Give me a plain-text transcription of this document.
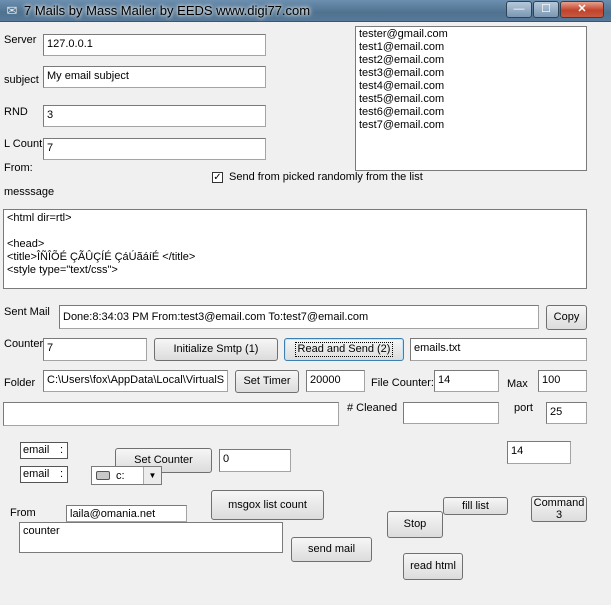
✉ 7 Mails by Mass Mailer by EEDS www.digi77.com	—	☐	✕
Server 127.0.0.1
subject My email subject
RND	3
L Count 7
From:
messsage
tester@gmail.com
test1@email.com
test2@email.com
test3@email.com
test4@email.com
test5@email.com
test6@email.com
test7@email.com
✓ Send from picked randomly from the list
<html dir=rtl>
<head>
<title>ÎÑÎÕÉ ÇÃÛÇÍÉ ÇáÚãáíÉ </title>
<style type="text/css">
Sent Mail	Done:8:34:03 PM From:test3@email.com To:test7@email.com	Copy
Counter 7	Initialize Smtp (1)	Read and Send (2)	emails.txt
Folder	C:\Users\fox\AppData\Local\VirtualS	Set Timer	20000	File Counter: 14	Max	100
# Cleaned	port	25
email :
email :
Set Counter	0
c:	▼
14
From	laila@omania.net
msgox list count
counter
send mail
Stop
fill list	Command
3
read html
